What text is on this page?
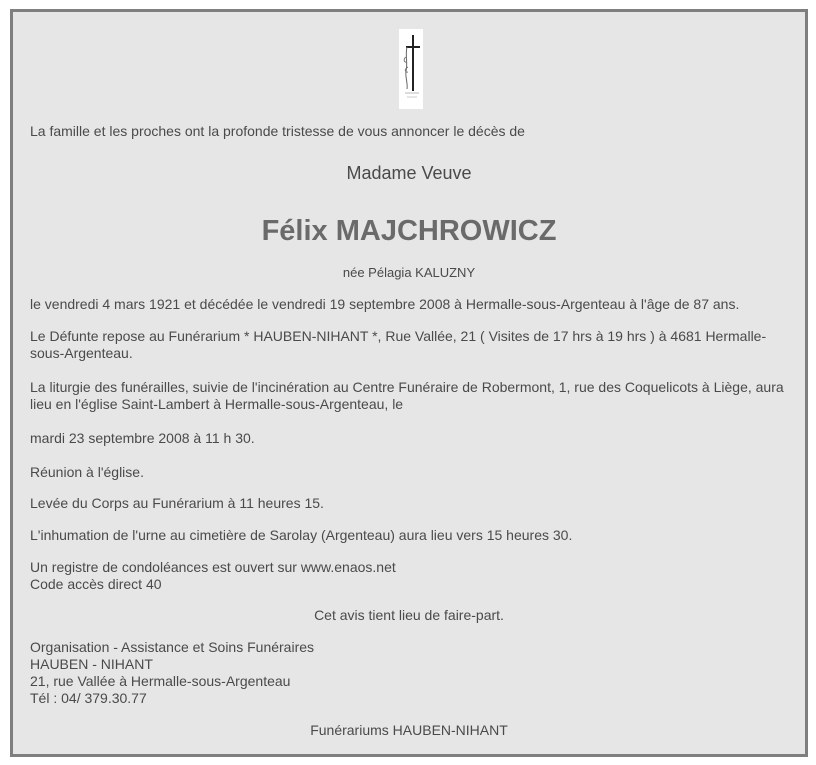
La famille et les proches ont la profonde tristesse de vous annoncer le décès de
Madame Veuve
Félix MAJCHROWICZ
née Pélagia KALUZNY
le vendredi 4 mars 1921 et décédée le vendredi 19 septembre 2008 à Hermalle-sous-Argenteau à l'âge de 87 ans.
Le Défunte repose au Funérarium * HAUBEN-NIHANT *, Rue Vallée, 21 ( Visites de 17 hrs à 19 hrs ) à 4681 Hermalle-sous-Argenteau.
La liturgie des funérailles, suivie de l'incinération au Centre Funéraire de Robermont, 1, rue des Coquelicots à Liège, aura lieu en l'église Saint-Lambert à Hermalle-sous-Argenteau, le
mardi 23 septembre 2008 à 11 h 30.
Réunion à l'église.
Levée du Corps au Funérarium à 11 heures 15.
L'inhumation de l'urne au cimetière de Sarolay (Argenteau) aura lieu vers 15 heures 30.
Un registre de condoléances est ouvert sur www.enaos.net
Code accès direct 40
Cet avis tient lieu de faire-part.
Organisation - Assistance et Soins Funéraires
HAUBEN - NIHANT
21, rue Vallée à Hermalle-sous-Argenteau
Tél : 04/ 379.30.77
Funérariums HAUBEN-NIHANT
